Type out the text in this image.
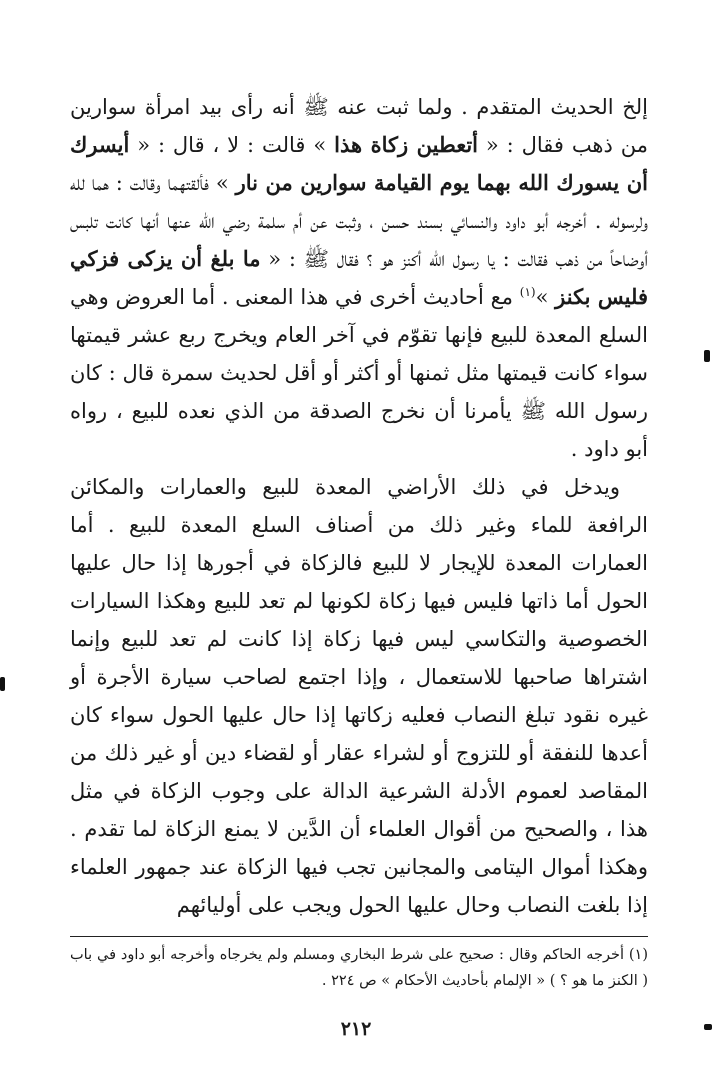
إلخ الحديث المتقدم . ولما ثبت عنه ﷺ أنه رأى بيد امرأة سوارين من ذهب فقال : « أتعطين زكاة هذا » قالت : لا ، قال : « أيسرك أن يسورك الله بهما يوم القيامة سوارين من نار » فألقتهما وقالت : هما لله ولرسوله . أخرجه أبو داود والنسائي بسند حسن ، وثبت عن أم سلمة رضي الله عنها أنها كانت تلبس أوضاحاً من ذهب فقالت : يا رسول الله أكنز هو ؟ فقال ﷺ : « ما بلغ أن يزكى فزكي فليس بكنز »$^{(١)}$ مع أحاديث أخرى في هذا المعنى . أما العروض وهي السلع المعدة للبيع فإنها تقوّم في آخر العام ويخرج ربع عشر قيمتها سواء كانت قيمتها مثل ثمنها أو أكثر أو أقل لحديث سمرة قال : كان رسول الله ﷺ يأمرنا أن نخرج الصدقة من الذي نعده للبيع ، رواه أبو داود .

ويدخل في ذلك الأراضي المعدة للبيع والعمارات والمكائن الرافعة للماء وغير ذلك من أصناف السلع المعدة للبيع . أما العمارات المعدة للإيجار لا للبيع فالزكاة في أجورها إذا حال عليها الحول أما ذاتها فليس فيها زكاة لكونها لم تعد للبيع وهكذا السيارات الخصوصية والتكاسي ليس فيها زكاة إذا كانت لم تعد للبيع وإنما اشتراها صاحبها للاستعمال ، وإذا اجتمع لصاحب سيارة الأجرة أو غيره نقود تبلغ النصاب فعليه زكاتها إذا حال عليها الحول سواء كان أعدها للنفقة أو للتزوج أو لشراء عقار أو لقضاء دين أو غير ذلك من المقاصد لعموم الأدلة الشرعية الدالة على وجوب الزكاة في مثل هذا ، والصحيح من أقوال العلماء أن الدَّين لا يمنع الزكاة لما تقدم . وهكذا أموال اليتامى والمجانين تجب فيها الزكاة عند جمهور العلماء إذا بلغت النصاب وحال عليها الحول ويجب على أوليائهم

(١) أخرجه الحاكم وقال : صحيح على شرط البخاري ومسلم ولم يخرجاه وأخرجه أبو داود في باب ( الكنز ما هو ؟ ) « الإلمام بأحاديث الأحكام » ص ٢٢٤ .
٢١٢
